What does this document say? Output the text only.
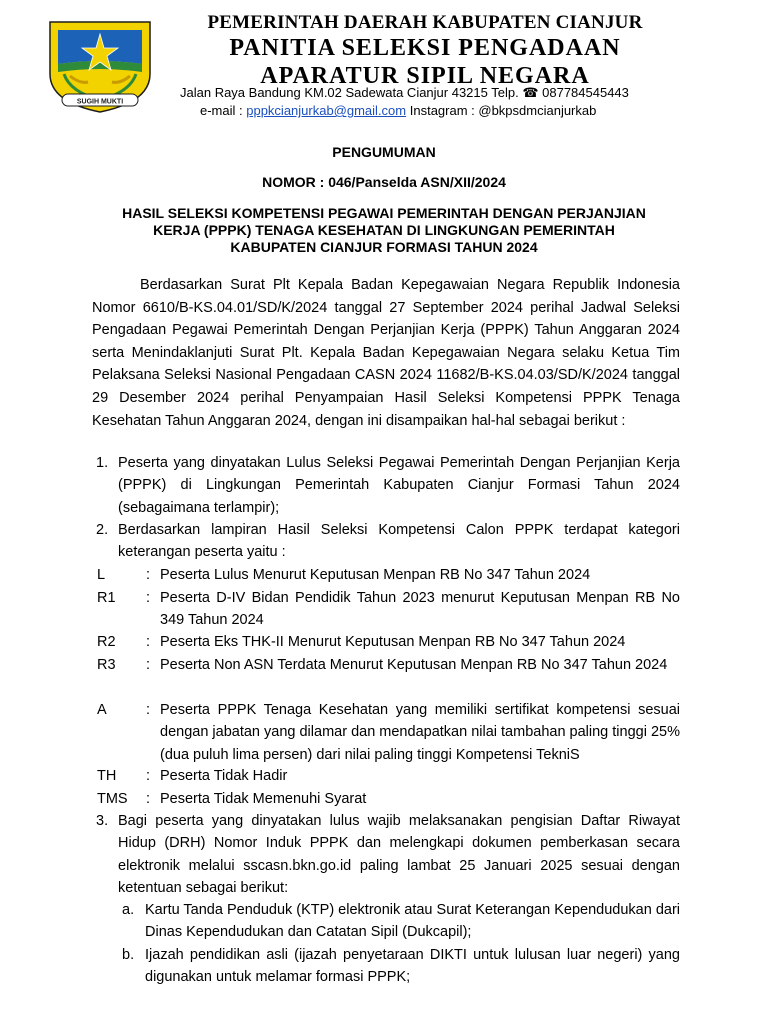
SUGIH MUKTI
PEMERINTAH DAERAH KABUPATEN CIANJUR
PANITIA SELEKSI PENGADAAN
APARATUR SIPIL NEGARA
Jalan Raya Bandung KM.02 Sadewata Cianjur 43215 Telp. ☎ 087784545443
e-mail : pppkcianjurkab@gmail.com Instagram : @bkpsdmcianjurkab
PENGUMUMAN
NOMOR : 046/Panselda ASN/XII/2024
HASIL SELEKSI KOMPETENSI PEGAWAI PEMERINTAH DENGAN PERJANJIAN
KERJA (PPPK) TENAGA KESEHATAN DI LINGKUNGAN PEMERINTAH
KABUPATEN CIANJUR FORMASI TAHUN 2024
Berdasarkan Surat Plt Kepala Badan Kepegawaian Negara Republik Indonesia Nomor 6610/B-KS.04.01/SD/K/2024 tanggal 27 September 2024 perihal Jadwal Seleksi Pengadaan Pegawai Pemerintah Dengan Perjanjian Kerja (PPPK) Tahun Anggaran 2024 serta Menindaklanjuti Surat Plt. Kepala Badan Kepegawaian Negara selaku Ketua Tim Pelaksana Seleksi Nasional Pengadaan CASN 2024 11682/B-KS.04.03/SD/K/2024 tanggal 29 Desember 2024 perihal Penyampaian Hasil Seleksi Kompetensi PPPK Tenaga Kesehatan Tahun Anggaran 2024, dengan ini disampaikan hal-hal sebagai berikut :
1. Peserta yang dinyatakan Lulus Seleksi Pegawai Pemerintah Dengan Perjanjian Kerja (PPPK) di Lingkungan Pemerintah Kabupaten Cianjur Formasi Tahun 2024 (sebagaimana terlampir);
2. Berdasarkan lampiran Hasil Seleksi Kompetensi Calon PPPK terdapat kategori keterangan peserta yaitu :
L	: Peserta Lulus Menurut Keputusan Menpan RB No 347 Tahun 2024
R1	: Peserta D-IV Bidan Pendidik Tahun 2023 menurut Keputusan Menpan RB No 349 Tahun 2024
R2	: Peserta Eks THK-II Menurut Keputusan Menpan RB No 347 Tahun 2024
R3	: Peserta Non ASN Terdata Menurut Keputusan Menpan RB No 347 Tahun 2024
A	: Peserta PPPK Tenaga Kesehatan yang memiliki sertifikat kompetensi sesuai dengan jabatan yang dilamar dan mendapatkan nilai tambahan paling tinggi 25% (dua puluh lima persen) dari nilai paling tinggi Kompetensi TekniS
TH	: Peserta Tidak Hadir
TMS	: Peserta Tidak Memenuhi Syarat
3. Bagi peserta yang dinyatakan lulus wajib melaksanakan pengisian Daftar Riwayat Hidup (DRH) Nomor Induk PPPK dan melengkapi dokumen pemberkasan secara elektronik melalui sscasn.bkn.go.id paling lambat 25 Januari 2025 sesuai dengan ketentuan sebagai berikut:
a. Kartu Tanda Penduduk (KTP) elektronik atau Surat Keterangan Kependudukan dari Dinas Kependudukan dan Catatan Sipil (Dukcapil);
b. Ijazah pendidikan asli (ijazah penyetaraan DIKTI untuk lulusan luar negeri) yang digunakan untuk melamar formasi PPPK;
